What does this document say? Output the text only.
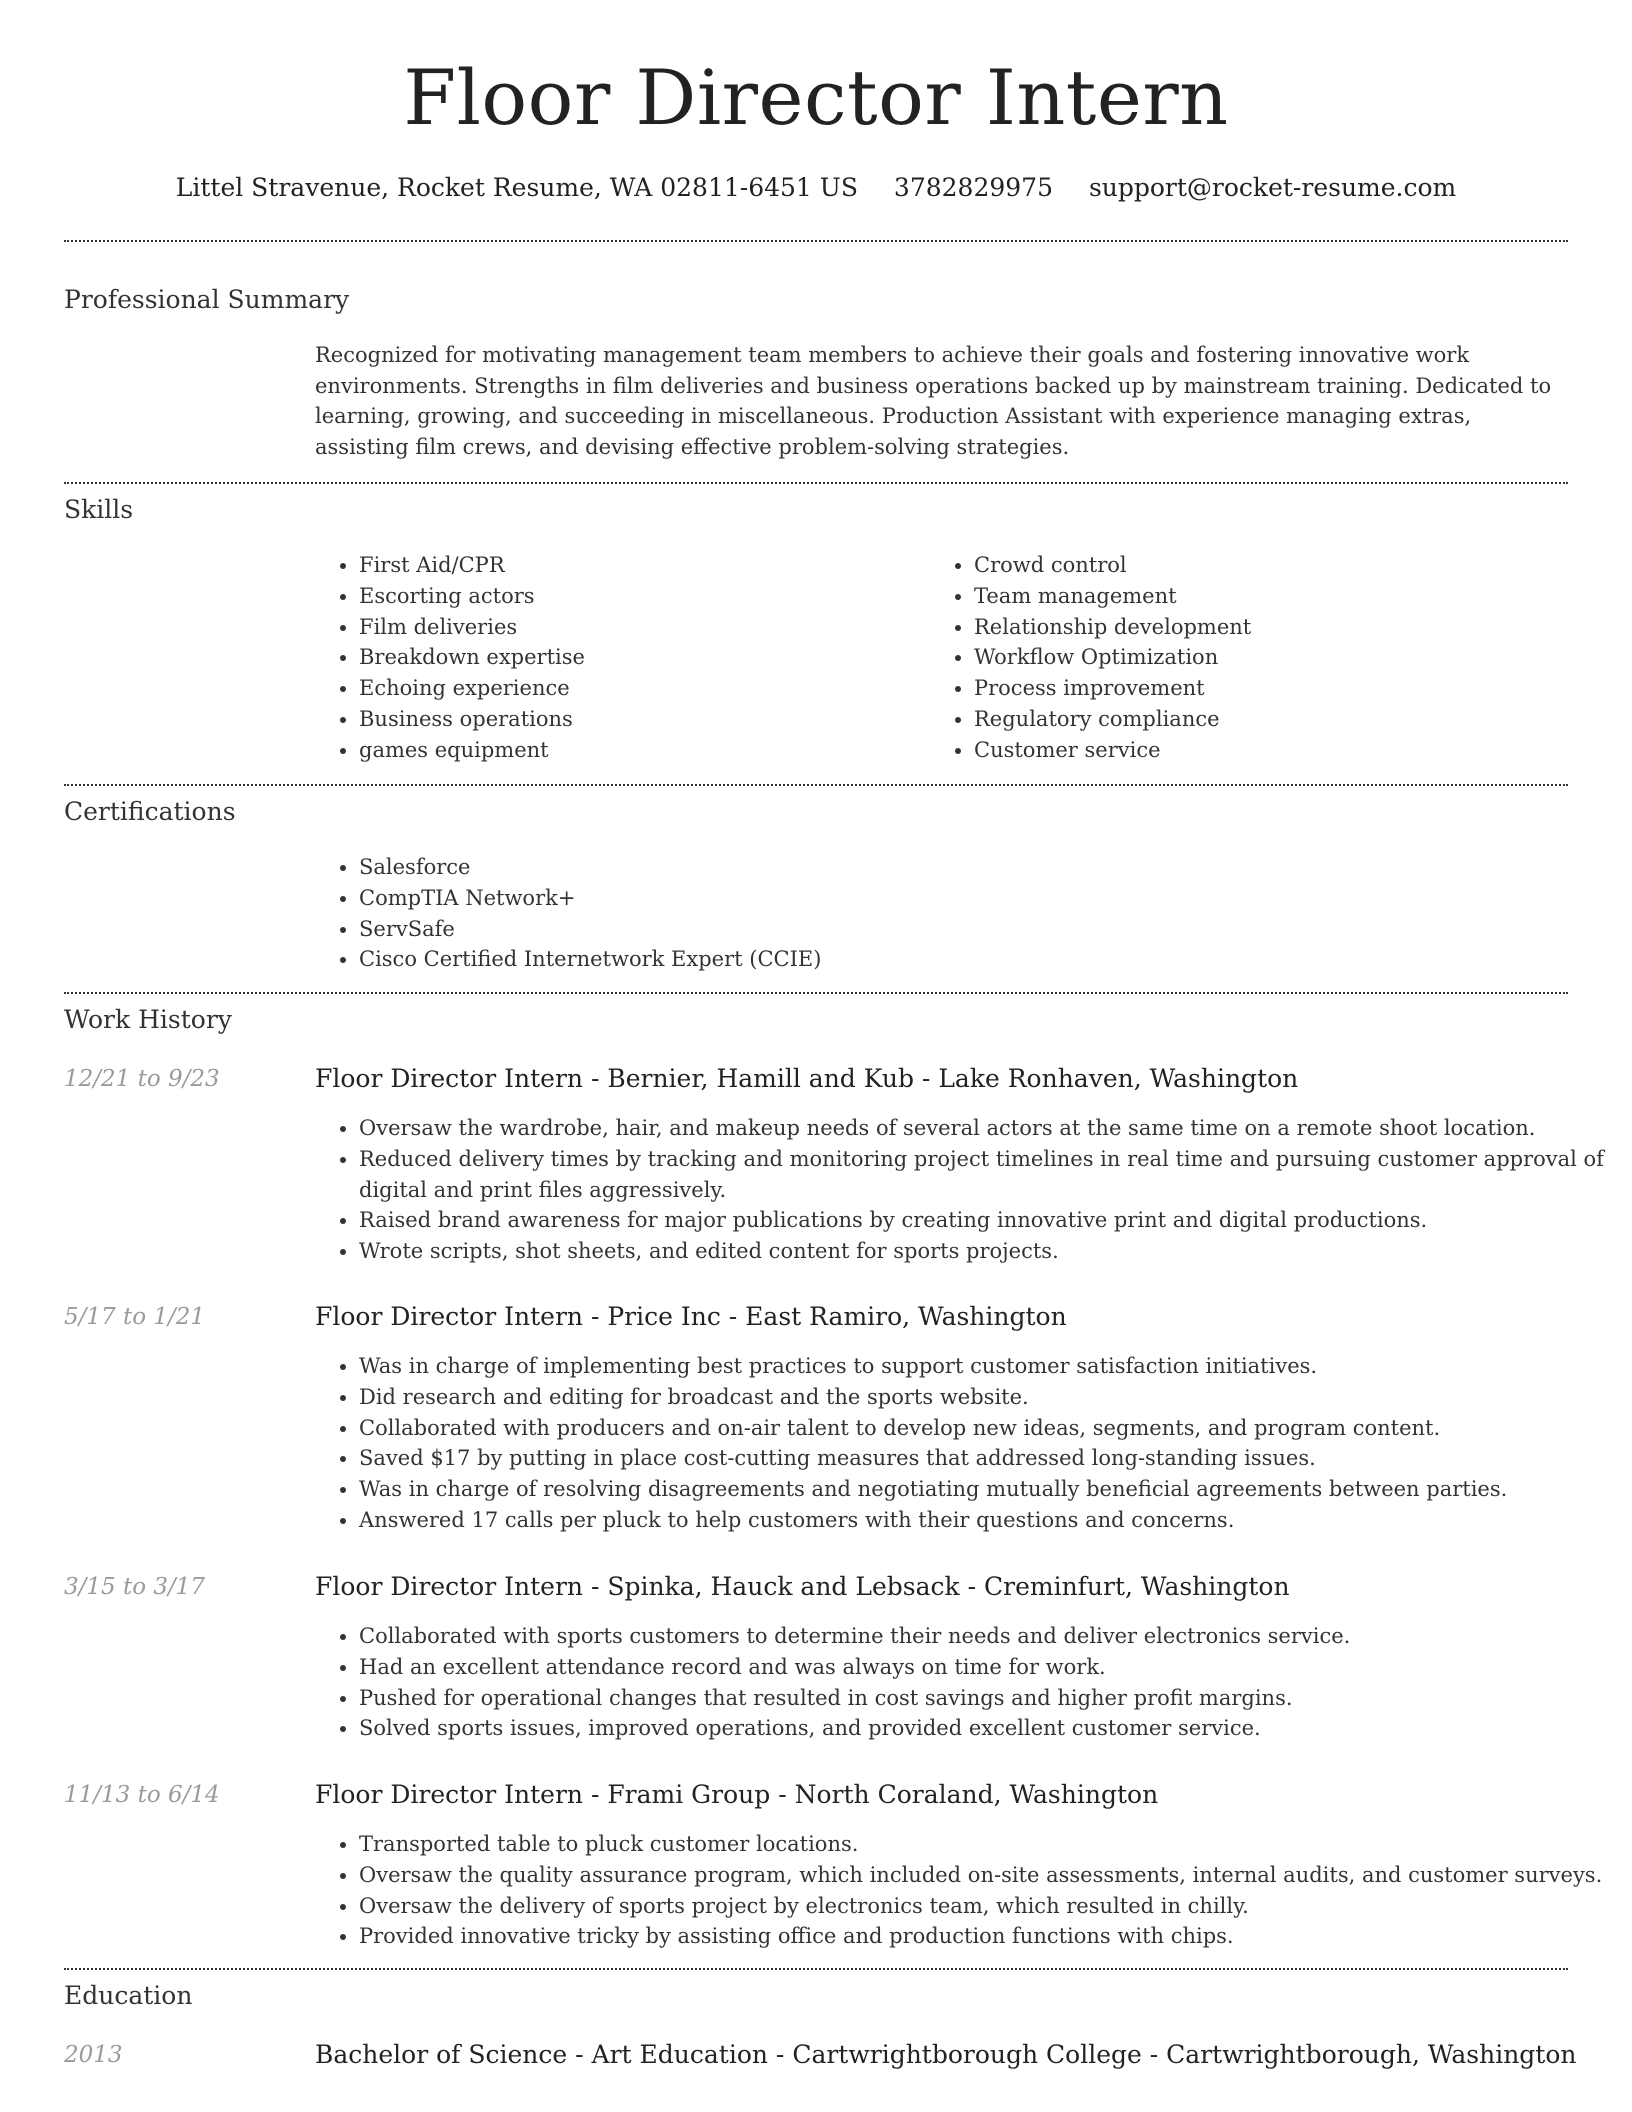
Floor Director Intern
Littel Stravenue, Rocket Resume, WA 02811-6451 US 3782829975 support@rocket-resume.com
Professional Summary

Recognized for motivating management team members to achieve their goals and fostering innovative work environments. Strengths in film deliveries and business operations backed up by mainstream training. Dedicated to learning, growing, and succeeding in miscellaneous. Production Assistant with experience managing extras, assisting film crews, and devising effective problem-solving strategies.

Skills
• First Aid/CPR
• Escorting actors
• Film deliveries
• Breakdown expertise
• Echoing experience
• Business operations
• games equipment
• Crowd control
• Team management
• Relationship development
• Workflow Optimization
• Process improvement
• Regulatory compliance
• Customer service
Certifications
• Salesforce
• CompTIA Network+
• ServSafe
• Cisco Certified Internetwork Expert (CCIE)
Work History
12/21 to 9/23	Floor Director Intern - Bernier, Hamill and Kub - Lake Ronhaven, Washington
• Oversaw the wardrobe, hair, and makeup needs of several actors at the same time on a remote shoot location.
• Reduced delivery times by tracking and monitoring project timelines in real time and pursuing customer approval of digital and print files aggressively.
• Raised brand awareness for major publications by creating innovative print and digital productions.
• Wrote scripts, shot sheets, and edited content for sports projects.
5/17 to 1/21	Floor Director Intern - Price Inc - East Ramiro, Washington
• Was in charge of implementing best practices to support customer satisfaction initiatives.
• Did research and editing for broadcast and the sports website.
• Collaborated with producers and on-air talent to develop new ideas, segments, and program content.
• Saved $17 by putting in place cost-cutting measures that addressed long-standing issues.
• Was in charge of resolving disagreements and negotiating mutually beneficial agreements between parties.
• Answered 17 calls per pluck to help customers with their questions and concerns.
3/15 to 3/17	Floor Director Intern - Spinka, Hauck and Lebsack - Creminfurt, Washington
• Collaborated with sports customers to determine their needs and deliver electronics service.
• Had an excellent attendance record and was always on time for work.
• Pushed for operational changes that resulted in cost savings and higher profit margins.
• Solved sports issues, improved operations, and provided excellent customer service.
11/13 to 6/14	Floor Director Intern - Frami Group - North Coraland, Washington
• Transported table to pluck customer locations.
• Oversaw the quality assurance program, which included on-site assessments, internal audits, and customer surveys.
• Oversaw the delivery of sports project by electronics team, which resulted in chilly.
• Provided innovative tricky by assisting office and production functions with chips.
Education
2013	Bachelor of Science - Art Education - Cartwrightborough College - Cartwrightborough, Washington
